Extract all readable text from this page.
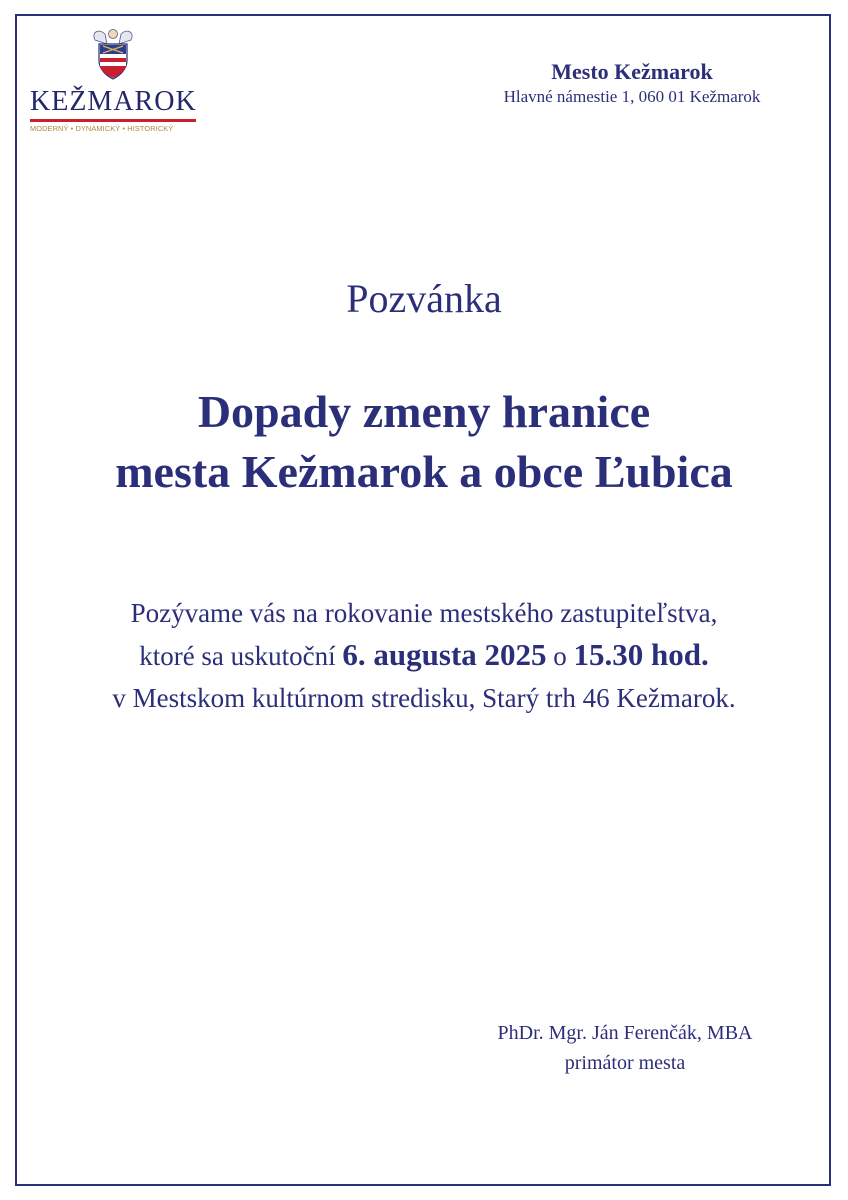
KEŽMAROK
MODERNÝ • DYNAMICKÝ • HISTORICKÝ
Mesto Kežmarok
Hlavné námestie 1, 060 01 Kežmarok
Pozvánka
Dopady zmeny hranice
mesta Kežmarok a obce Ľubica
Pozývame vás na rokovanie mestského zastupiteľstva,
ktoré sa uskutoční 6. augusta 2025 o 15.30 hod.
v Mestskom kultúrnom stredisku, Starý trh 46 Kežmarok.
PhDr. Mgr. Ján Ferenčák, MBA
primátor mesta
